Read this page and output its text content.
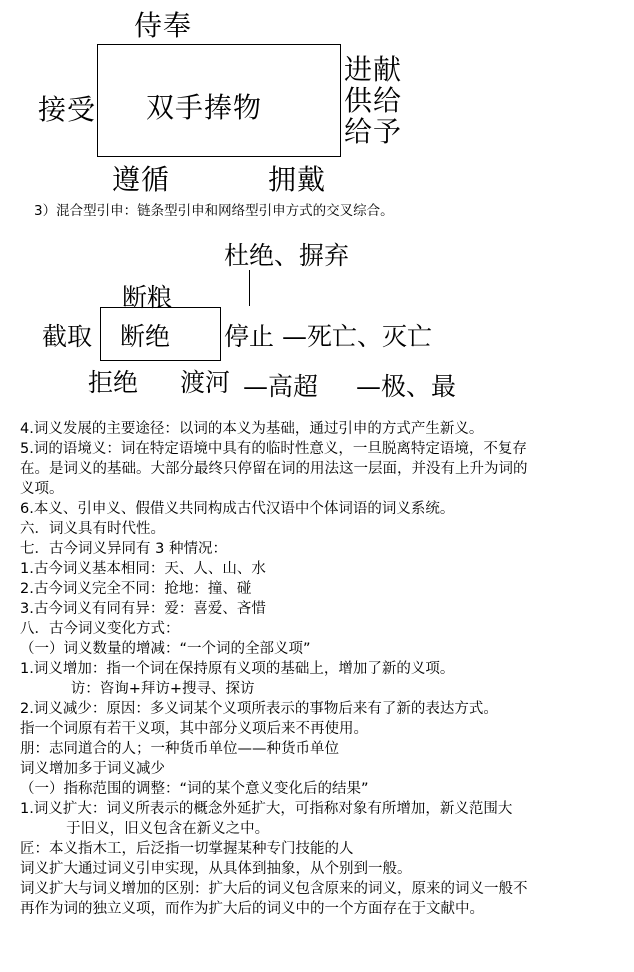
侍奉
双手捧物
接受
进献
供给
给予
遵循	拥戴
3）混合型引申：链条型引申和网络型引申方式的交叉综合。
杜绝、摒弃
断粮
断绝
截取	停止 —死亡、灭亡
拒绝 渡河 —高超 —极、最
4.词义发展的主要途径：以词的本义为基础，通过引申的方式产生新义。
5.词的语境义：词在特定语境中具有的临时性意义，一旦脱离特定语境，不复存
在。是词义的基础。大部分最终只停留在词的用法这一层面，并没有上升为词的
义项。
6.本义、引申义、假借义共同构成古代汉语中个体词语的词义系统。
六．词义具有时代性。
七．古今词义异同有 3 种情况：
1.古今词义基本相同：天、人、山、水
2.古今词义完全不同：抢地：撞、碰
3.古今词义有同有异：爱：喜爱、吝惜
八．古今词义变化方式：
（一）词义数量的增减：“一个词的全部义项”
1.词义增加：指一个词在保持原有义项的基础上，增加了新的义项。
访：咨询+拜访+搜寻、探访
2.词义减少：原因：多义词某个义项所表示的事物后来有了新的表达方式。
指一个词原有若干义项，其中部分义项后来不再使用。
朋：志同道合的人；一种货币单位——种货币单位
词义增加多于词义减少
（一）指称范围的调整：“词的某个意义变化后的结果”
1.词义扩大：词义所表示的概念外延扩大，可指称对象有所增加，新义范围大
于旧义，旧义包含在新义之中。
匠：本义指木工，后泛指一切掌握某种专门技能的人
词义扩大通过词义引申实现，从具体到抽象，从个别到一般。
词义扩大与词义增加的区别：扩大后的词义包含原来的词义，原来的词义一般不
再作为词的独立义项，而作为扩大后的词义中的一个方面存在于文献中。
